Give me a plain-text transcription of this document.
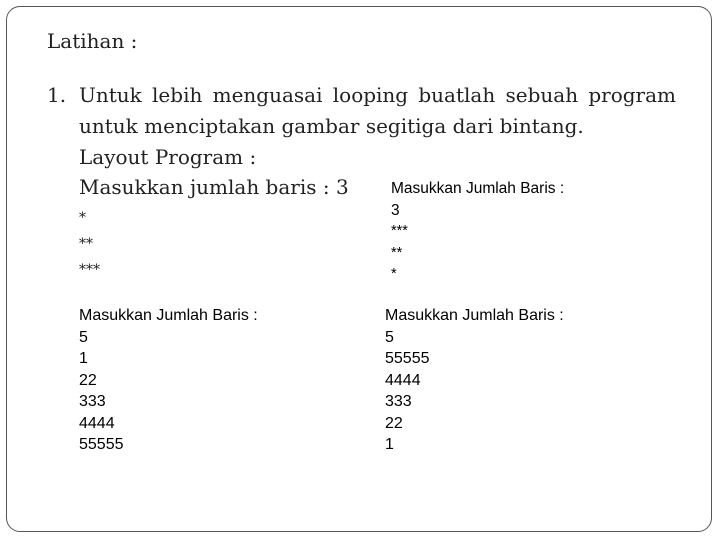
Latihan :
1. Untuk lebih menguasai looping buatlah sebuah program
untuk menciptakan gambar segitiga dari bintang.
Layout Program :
Masukkan jumlah baris : 3
*
**
***
Masukkan Jumlah Baris :
3
***
**
*
Masukkan Jumlah Baris :
5
1
22
333
4444
55555
Masukkan Jumlah Baris :
5
55555
4444
333
22
1
